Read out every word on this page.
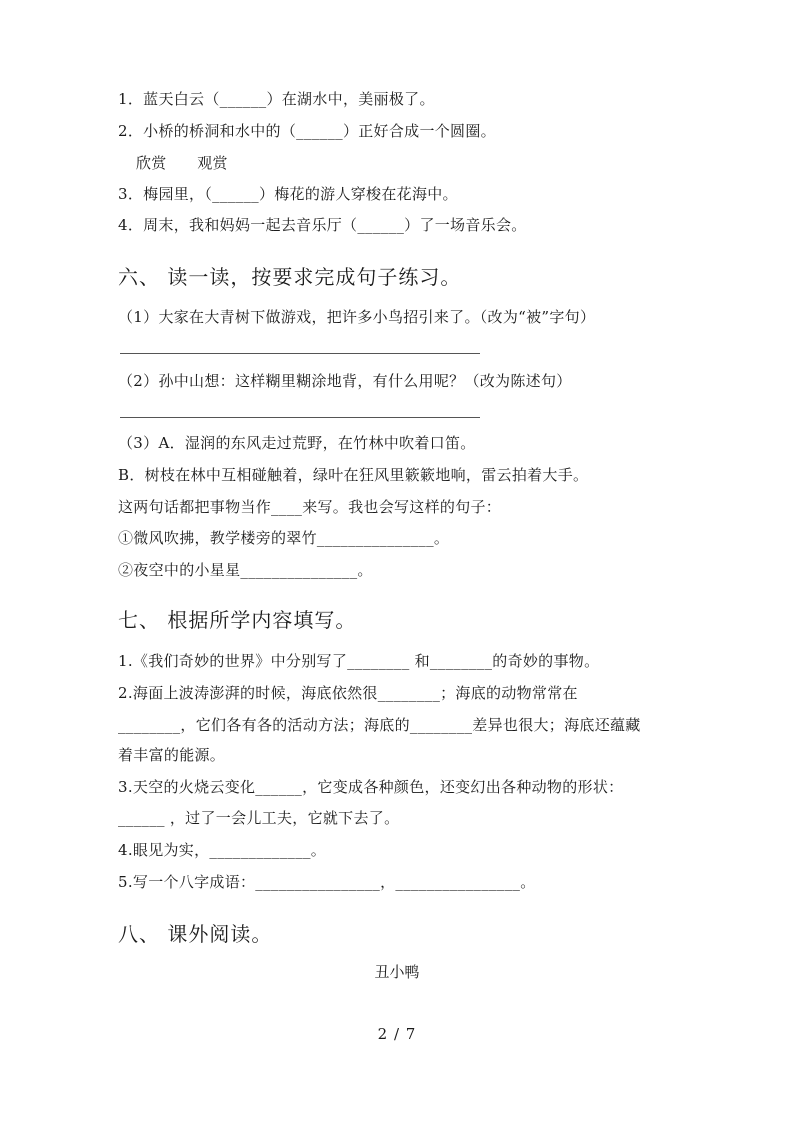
1．蓝天白云（______）在湖水中，美丽极了。
2．小桥的桥洞和水中的（______）正好合成一个圆圈。
欣赏　　观赏
3．梅园里，（______）梅花的游人穿梭在花海中。
4．周末，我和妈妈一起去音乐厅（______）了一场音乐会。
六、 读一读，按要求完成句子练习。
（1）大家在大青树下做游戏，把许多小鸟招引来了。（改为“被”字句）
（2）孙中山想：这样糊里糊涂地背，有什么用呢？（改为陈述句）
（3）A．湿润的东风走过荒野，在竹林中吹着口笛。
B．树枝在林中互相碰触着，绿叶在狂风里簌簌地响，雷云拍着大手。
这两句话都把事物当作____来写。我也会写这样的句子：
①微风吹拂，教学楼旁的翠竹_______________。
②夜空中的小星星_______________。
七、 根据所学内容填写。
1.《我们奇妙的世界》中分别写了________ 和________的奇妙的事物。
2.海面上波涛澎湃的时候，海底依然很________；海底的动物常常在
________，它们各有各的活动方法；海底的________差异也很大；海底还蕴藏
着丰富的能源。
3.天空的火烧云变化______，它变成各种颜色，还变幻出各种动物的形状：
______ ，过了一会儿工夫，它就下去了。
4.眼见为实，_____________。
5.写一个八字成语：________________，________________。
八、 课外阅读。
丑小鸭
2 / 7
